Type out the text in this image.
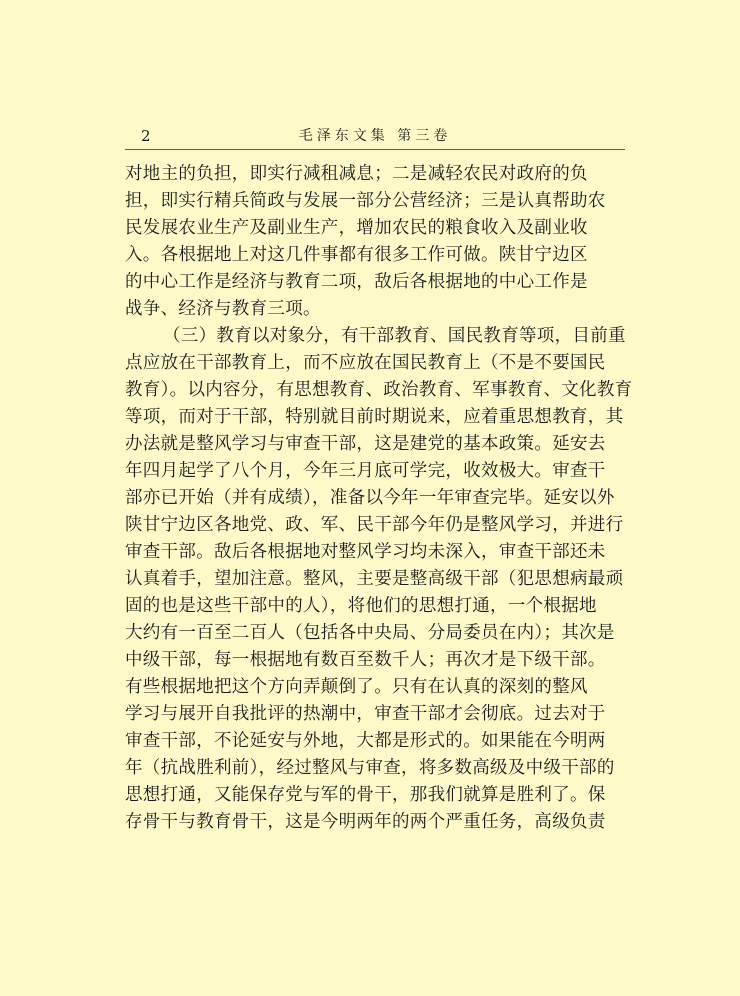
2	毛泽东文集 第三卷
对地主的负担，即实行减租减息；二是减轻农民对政府的负
担，即实行精兵简政与发展一部分公营经济；三是认真帮助农
民发展农业生产及副业生产，增加农民的粮食收入及副业收
入。各根据地上对这几件事都有很多工作可做。陕甘宁边区
的中心工作是经济与教育二项，敌后各根据地的中心工作是
战争、经济与教育三项。
（三）教育以对象分，有干部教育、国民教育等项，目前重
点应放在干部教育上，而不应放在国民教育上（不是不要国民
教育）。以内容分，有思想教育、政治教育、军事教育、文化教育
等项，而对于干部，特别就目前时期说来，应着重思想教育，其
办法就是整风学习与审查干部，这是建党的基本政策。延安去
年四月起学了八个月，今年三月底可学完，收效极大。审查干
部亦已开始（并有成绩），准备以今年一年审查完毕。延安以外
陕甘宁边区各地党、政、军、民干部今年仍是整风学习，并进行
审查干部。敌后各根据地对整风学习均未深入，审查干部还未
认真着手，望加注意。整风，主要是整高级干部（犯思想病最顽
固的也是这些干部中的人），将他们的思想打通，一个根据地
大约有一百至二百人（包括各中央局、分局委员在内）；其次是
中级干部，每一根据地有数百至数千人；再次才是下级干部。
有些根据地把这个方向弄颠倒了。只有在认真的深刻的整风
学习与展开自我批评的热潮中，审查干部才会彻底。过去对于
审查干部，不论延安与外地，大都是形式的。如果能在今明两
年（抗战胜利前），经过整风与审查，将多数高级及中级干部的
思想打通，又能保存党与军的骨干，那我们就算是胜利了。保
存骨干与教育骨干，这是今明两年的两个严重任务，高级负责
